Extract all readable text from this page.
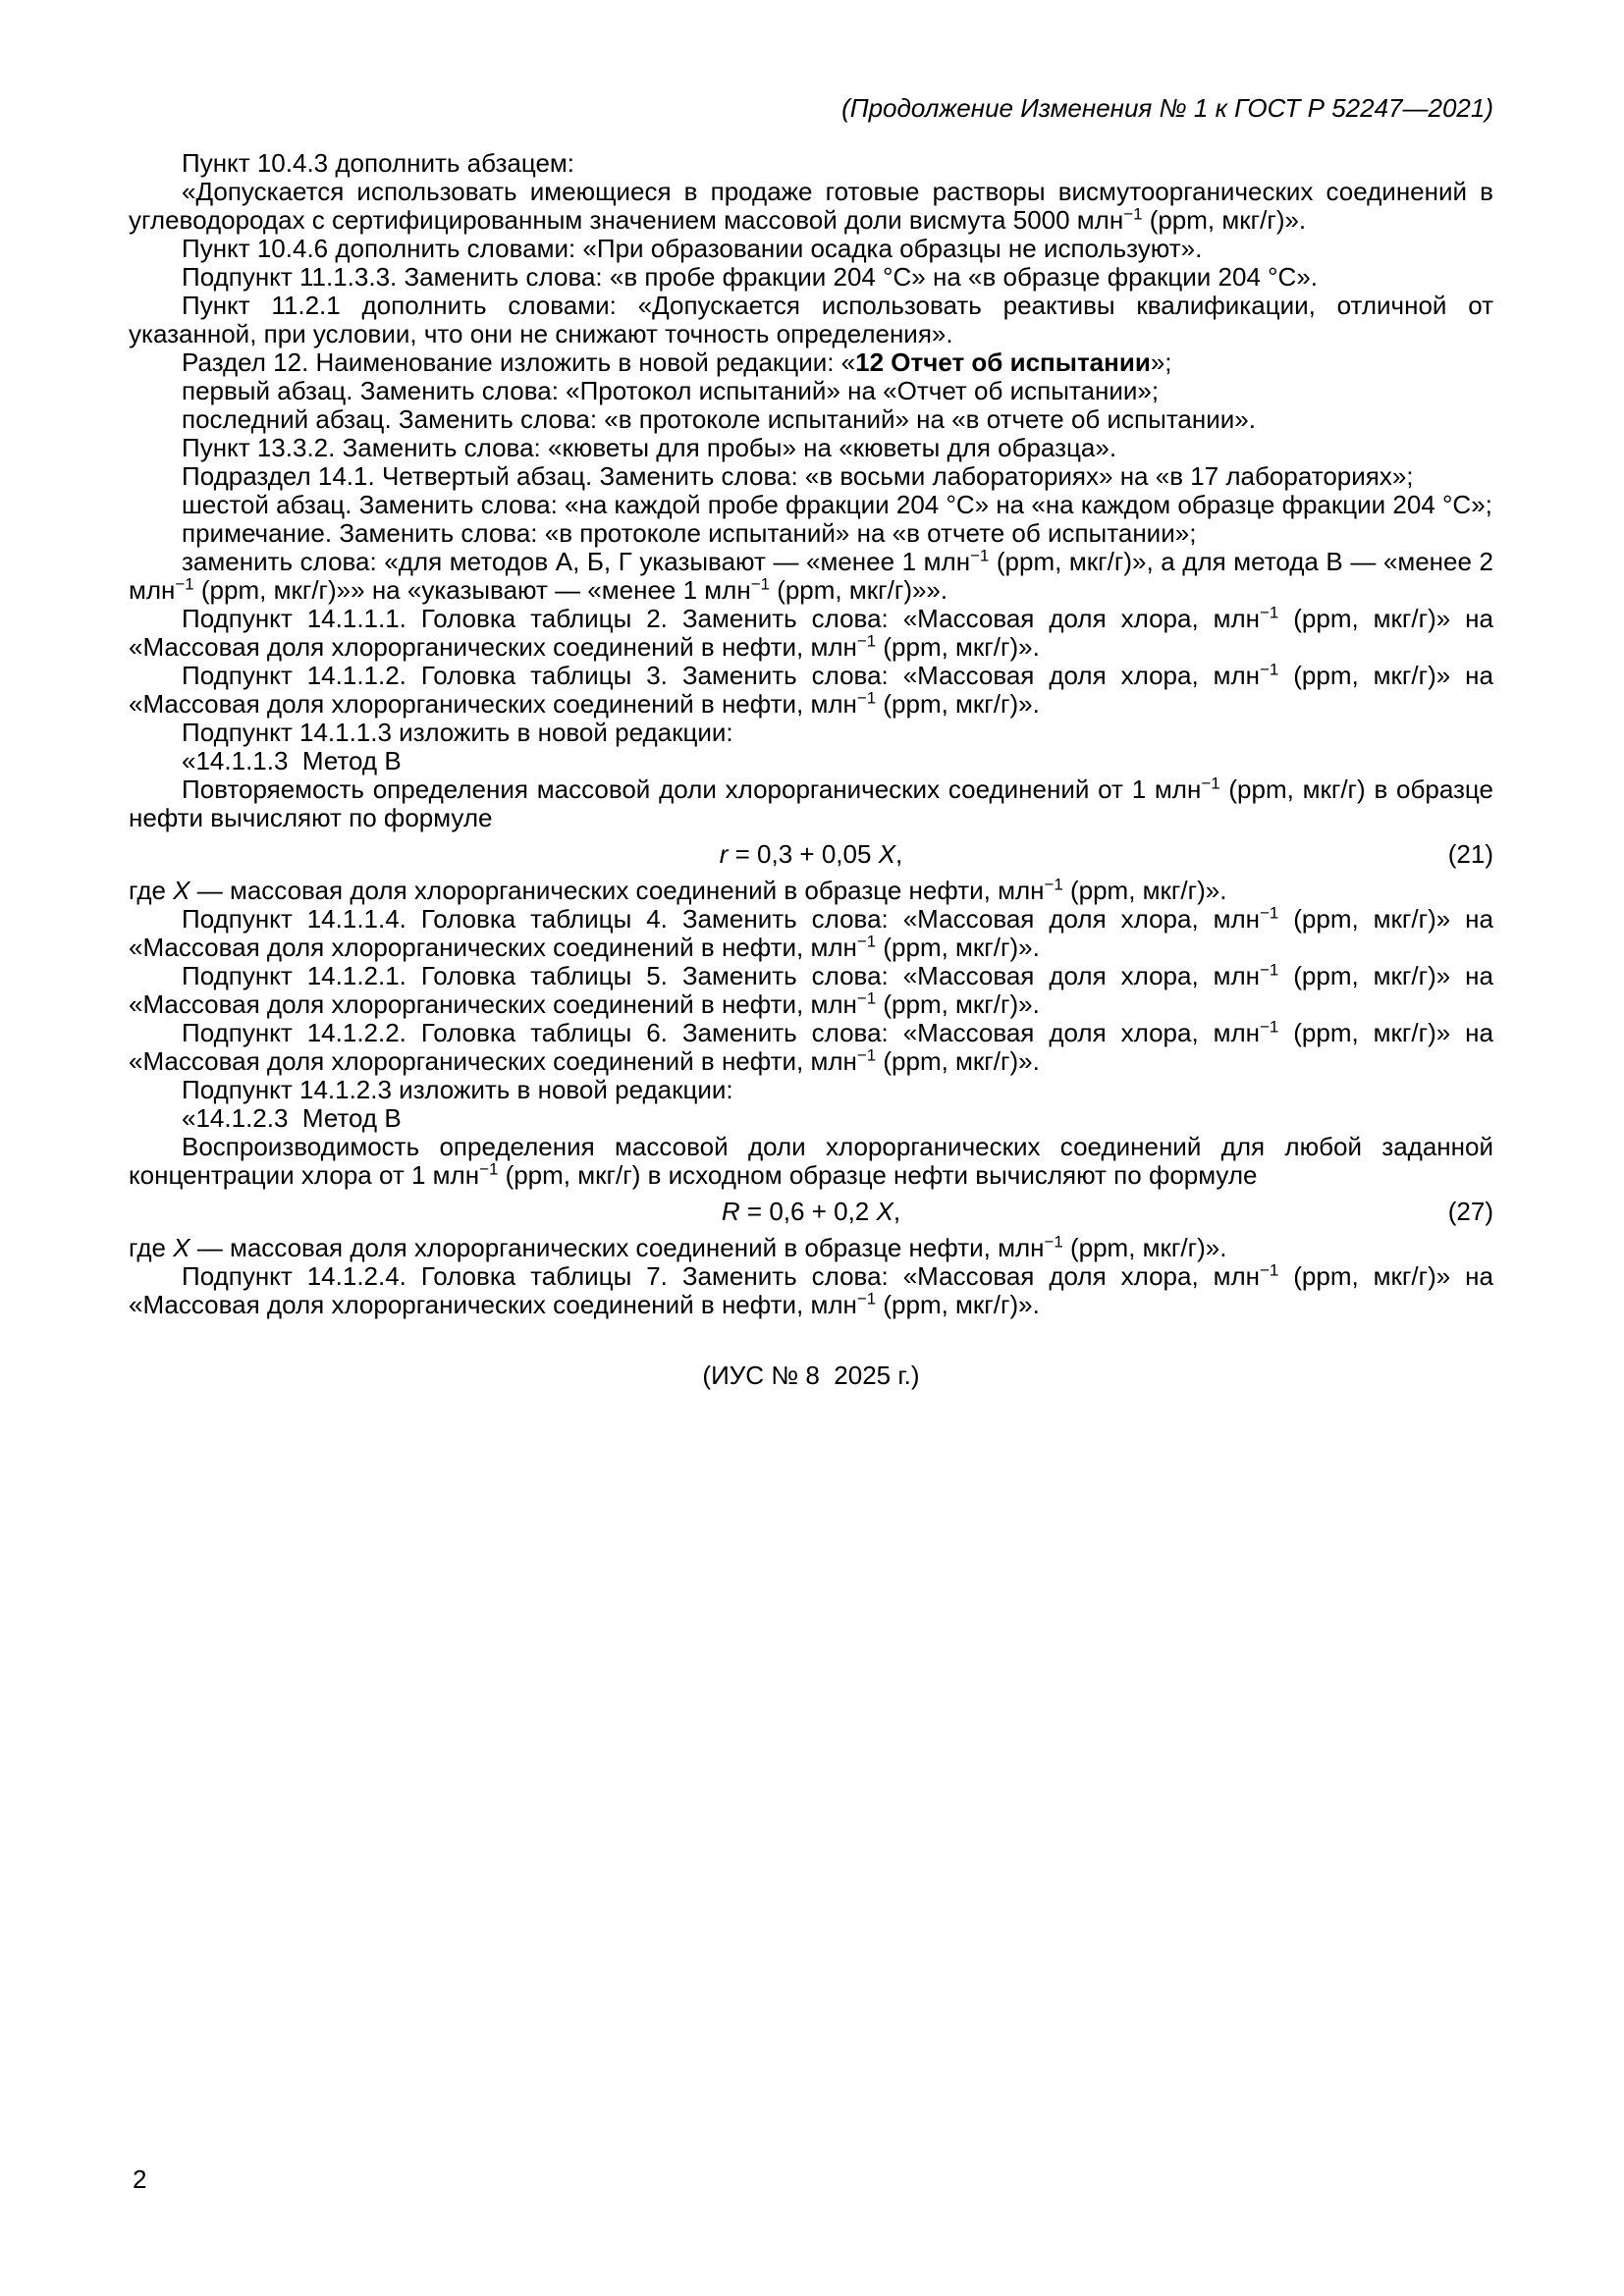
(Продолжение Изменения № 1 к ГОСТ Р 52247—2021)
Пункт 10.4.3 дополнить абзацем:
«Допускается использовать имеющиеся в продаже готовые растворы висмутоорганических соединений в углеводородах с сертифицированным значением массовой доли висмута 5000 млн$^{-1}$ (ppm, мкг/г)».
Пункт 10.4.6 дополнить словами: «При образовании осадка образцы не используют».
Подпункт 11.1.3.3. Заменить слова: «в пробе фракции 204 °С» на «в образце фракции 204 °С».
Пункт 11.2.1 дополнить словами: «Допускается использовать реактивы квалификации, отличной от указанной, при условии, что они не снижают точность определения».
Раздел 12. Наименование изложить в новой редакции: «12 Отчет об испытании»;
первый абзац. Заменить слова: «Протокол испытаний» на «Отчет об испытании»;
последний абзац. Заменить слова: «в протоколе испытаний» на «в отчете об испытании».
Пункт 13.3.2. Заменить слова: «кюветы для пробы» на «кюветы для образца».
Подраздел 14.1. Четвертый абзац. Заменить слова: «в восьми лабораториях» на «в 17 лабораториях»;
шестой абзац. Заменить слова: «на каждой пробе фракции 204 °С» на «на каждом образце фракции 204 °С»;
примечание. Заменить слова: «в протоколе испытаний» на «в отчете об испытании»;
заменить слова: «для методов А, Б, Г указывают — «менее 1 млн$^{-1}$ (ppm, мкг/г)», а для метода В — «менее 2 млн$^{-1}$ (ppm, мкг/г)»» на «указывают — «менее 1 млн$^{-1}$ (ppm, мкг/г)»».
Подпункт 14.1.1.1. Головка таблицы 2. Заменить слова: «Массовая доля хлора, млн$^{-1}$ (ppm, мкг/г)» на «Массовая доля хлорорганических соединений в нефти, млн$^{-1}$ (ppm, мкг/г)».
Подпункт 14.1.1.2. Головка таблицы 3. Заменить слова: «Массовая доля хлора, млн$^{-1}$ (ppm, мкг/г)» на «Массовая доля хлорорганических соединений в нефти, млн$^{-1}$ (ppm, мкг/г)».
Подпункт 14.1.1.3 изложить в новой редакции:
«14.1.1.3  Метод В
Повторяемость определения массовой доли хлорорганических соединений от 1 млн$^{-1}$ (ppm, мкг/г) в образце нефти вычисляют по формуле
r = 0,3 + 0,05 X,	(21)
где X — массовая доля хлорорганических соединений в образце нефти, млн$^{-1}$ (ppm, мкг/г)».
Подпункт 14.1.1.4. Головка таблицы 4. Заменить слова: «Массовая доля хлора, млн$^{-1}$ (ppm, мкг/г)» на «Массовая доля хлорорганических соединений в нефти, млн$^{-1}$ (ppm, мкг/г)».
Подпункт 14.1.2.1. Головка таблицы 5. Заменить слова: «Массовая доля хлора, млн$^{-1}$ (ppm, мкг/г)» на «Массовая доля хлорорганических соединений в нефти, млн$^{-1}$ (ppm, мкг/г)».
Подпункт 14.1.2.2. Головка таблицы 6. Заменить слова: «Массовая доля хлора, млн$^{-1}$ (ppm, мкг/г)» на «Массовая доля хлорорганических соединений в нефти, млн$^{-1}$ (ppm, мкг/г)».
Подпункт 14.1.2.3 изложить в новой редакции:
«14.1.2.3  Метод В
Воспроизводимость определения массовой доли хлорорганических соединений для любой заданной концентрации хлора от 1 млн$^{-1}$ (ppm, мкг/г) в исходном образце нефти вычисляют по формуле
R = 0,6 + 0,2 X,	(27)
где X — массовая доля хлорорганических соединений в образце нефти, млн$^{-1}$ (ppm, мкг/г)».
Подпункт 14.1.2.4. Головка таблицы 7. Заменить слова: «Массовая доля хлора, млн$^{-1}$ (ppm, мкг/г)» на «Массовая доля хлорорганических соединений в нефти, млн$^{-1}$ (ppm, мкг/г)».
(ИУС № 8  2025 г.)
2
